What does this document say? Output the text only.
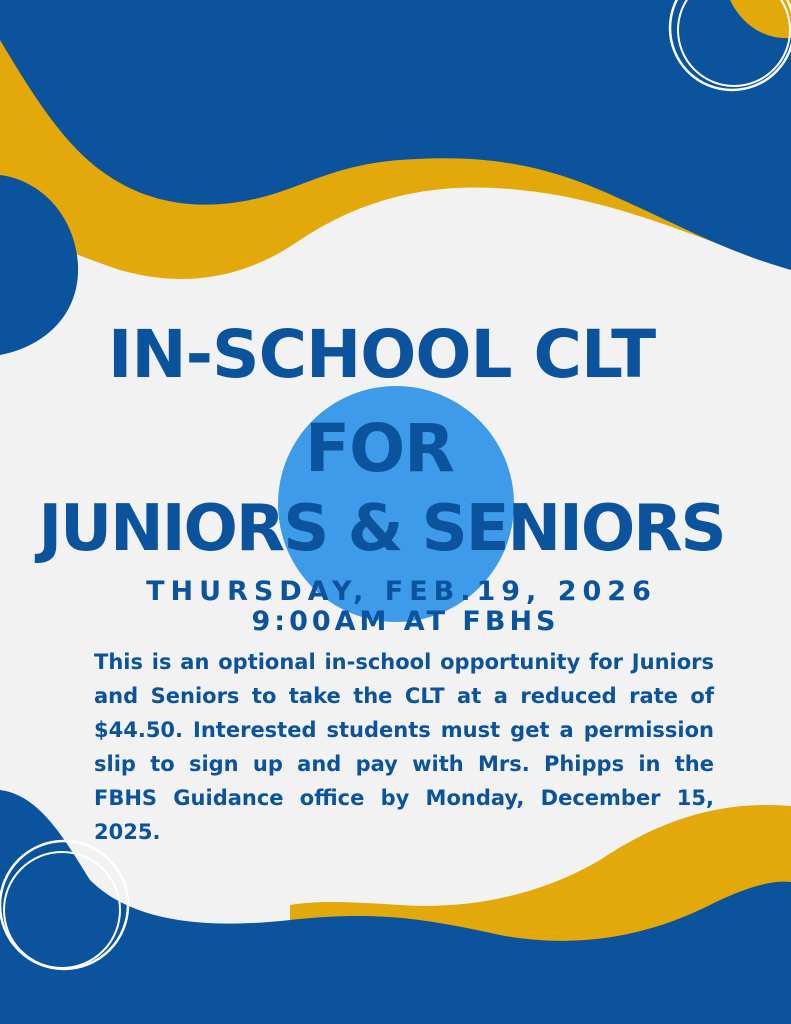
IN-SCHOOL CLT
FOR
JUNIORS & SENIORS

THURSDAY, FEB.19, 2026

9:00AM AT FBHS

This is an optional in-school opportunity for Juniors and Seniors to take the CLT at a reduced rate of $44.50. Interested students must get a permission slip to sign up and pay with Mrs. Phipps in the FBHS Guidance office by Monday, December 15, 2025.
